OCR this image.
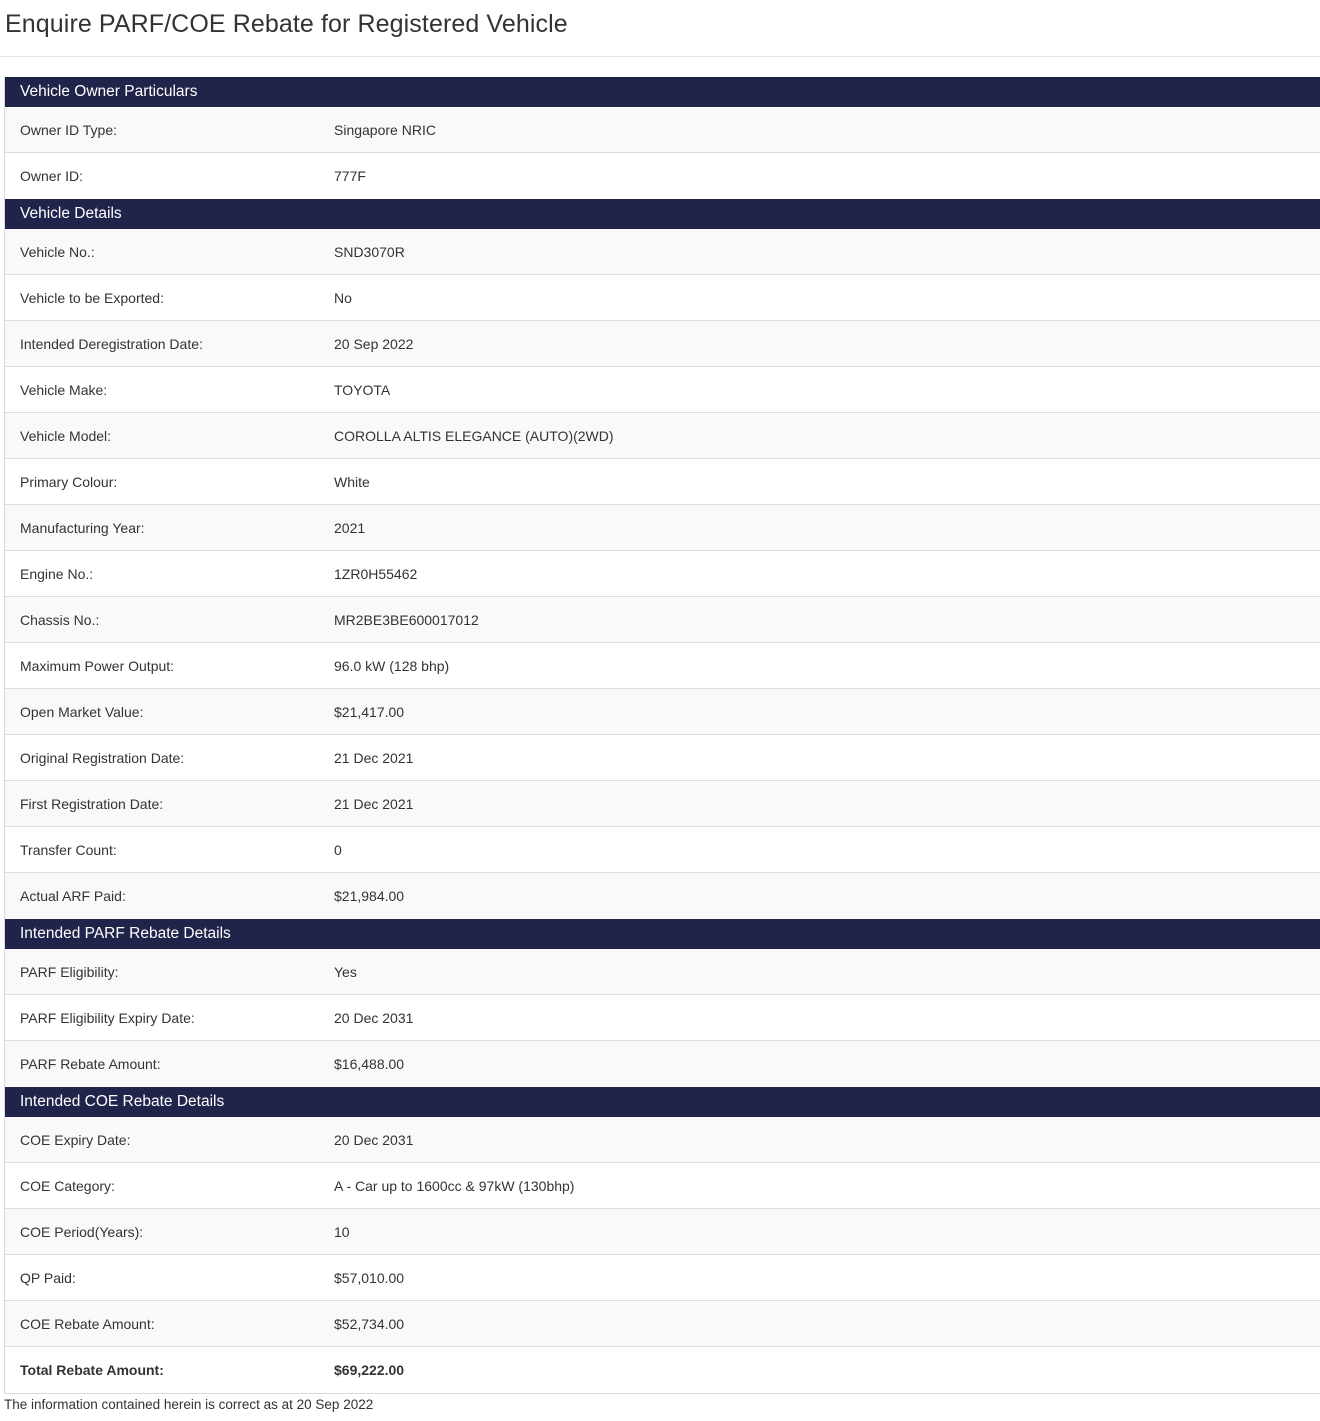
Enquire PARF/COE Rebate for Registered Vehicle
Vehicle Owner Particulars
Owner ID Type:	Singapore NRIC
Owner ID:	777F
Vehicle Details
Vehicle No.:	SND3070R
Vehicle to be Exported:	No
Intended Deregistration Date:	20 Sep 2022
Vehicle Make:	TOYOTA
Vehicle Model:	COROLLA ALTIS ELEGANCE (AUTO)(2WD)
Primary Colour:	White
Manufacturing Year:	2021
Engine No.:	1ZR0H55462
Chassis No.:	MR2BE3BE600017012
Maximum Power Output:	96.0 kW (128 bhp)
Open Market Value:	$21,417.00
Original Registration Date:	21 Dec 2021
First Registration Date:	21 Dec 2021
Transfer Count:	0
Actual ARF Paid:	$21,984.00
Intended PARF Rebate Details
PARF Eligibility:	Yes
PARF Eligibility Expiry Date:	20 Dec 2031
PARF Rebate Amount:	$16,488.00
Intended COE Rebate Details
COE Expiry Date:	20 Dec 2031
COE Category:	A - Car up to 1600cc & 97kW (130bhp)
COE Period(Years):	10
QP Paid:	$57,010.00
COE Rebate Amount:	$52,734.00
Total Rebate Amount:	$69,222.00
The information contained herein is correct as at 20 Sep 2022
